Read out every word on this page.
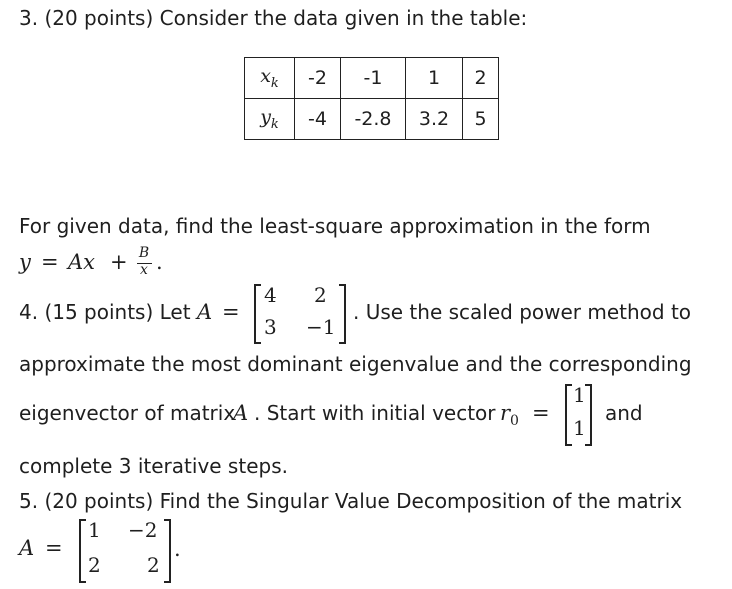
3. (20 points) Consider the data given in the table:
$x_k$	-2	-1	1	2
$y_k$	-4	-2.8	3.2	5
For given data, find the least-square approximation in the form
y = Ax + B
x .
4. (15 points) Let A =
4 2
3 −1
. Use the scaled power method to
approximate the most dominant eigenvalue and the corresponding
eigenvector of matrix
A . Start with initial vector $r_0$ =
1
1
and
complete 3 iterative steps.
5. (20 points) Find the Singular Value Decomposition of the matrix
A =
1 −2
2 2
.
